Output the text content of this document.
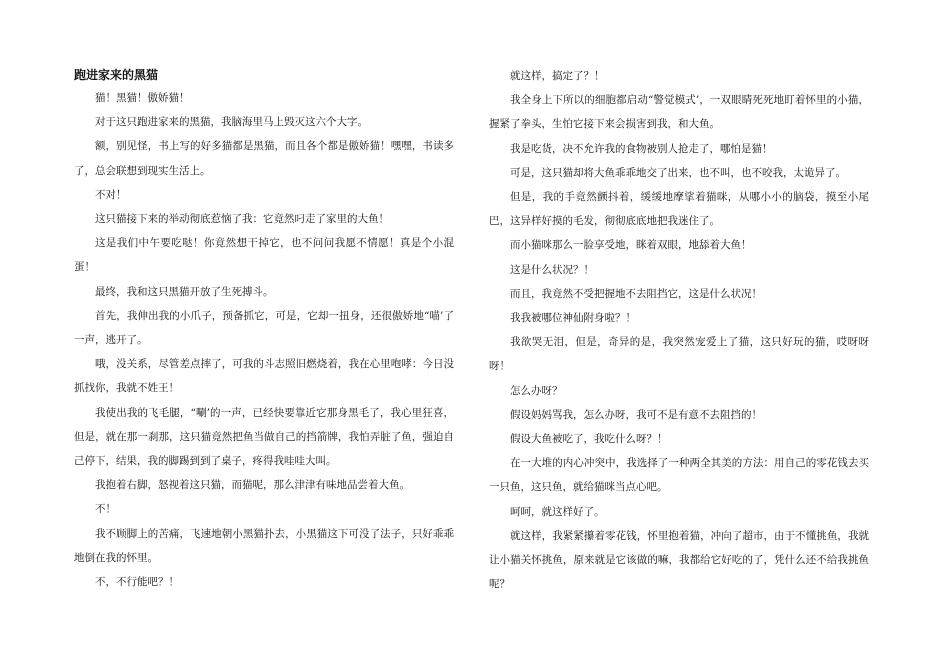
跑进家来的黑猫

猫！黑猫！傲娇猫！

对于这只跑进家来的黑猫，我脑海里马上毁灭这六个大字。

额，别见怪，书上写的好多猫都是黑猫，而且各个都是傲娇猫！嘿嘿，书读多了，总会联想到现实生活上。

不对！

这只猫接下来的举动彻底惹恼了我：它竟然叼走了家里的大鱼！

这是我们中午要吃哒！你竟然想干掉它，也不问问我愿不情愿！真是个小混蛋！

最终，我和这只黑猫开放了生死搏斗。

首先，我伸出我的小爪子，预备抓它，可是，它却一扭身，还很傲娇地“喵’了一声，逃开了。

哦，没关系，尽管差点摔了，可我的斗志照旧燃烧着，我在心里咆哮：今日没抓找你，我就不姓王！

我使出我的飞毛腿，“唰’的一声，已经快要靠近它那身黑毛了，我心里狂喜，但是，就在那一刹那，这只猫竟然把鱼当做自己的挡箭牌，我怕弄脏了鱼，强迫自己停下，结果，我的脚踢到到了桌子，疼得我哇哇大叫。

我抱着右脚，怒视着这只猫，而猫呢，那么津津有味地品尝着大鱼。

不！

我不顾脚上的苦痛，飞速地朝小黑猫扑去，小黑猫这下可没了法子，只好乖乖地倒在我的怀里。

不，不行能吧？！

就这样，搞定了？！

我全身上下所以的细胞都启动“警觉模式’，一双眼睛死死地盯着怀里的小猫，握紧了拳头，生怕它接下来会损害到我，和大鱼。

我是吃货，决不允许我的食物被别人抢走了，哪怕是猫！

可是，这只猫却将大鱼乖乖地交了出来，也不叫，也不咬我，太诡异了。

但是，我的手竟然颤抖着，缓缓地摩挲着猫咪，从哪小小的脑袋，摸至小尾巴，这异样好摸的毛发，彻彻底底地把我迷住了。

而小猫咪那么一脸享受地，眯着双眼，地舔着大鱼！

这是什么状况？！

而且，我竟然不受把握地不去阻挡它，这是什么状况！

我我被哪位神仙附身啦？！

我欲哭无泪，但是，奇异的是，我突然宠爱上了猫，这只好玩的猫，哎呀呀呀！

怎么办呀？

假设妈妈骂我，怎么办呀，我可不是有意不去阻挡的！

假设大鱼被吃了，我吃什么呀？！

在一大堆的内心冲突中，我选择了一种两全其美的方法：用自己的零花钱去买一只鱼，这只鱼，就给猫咪当点心吧。

呵呵，就这样好了。

就这样，我紧紧攥着零花钱，怀里抱着猫，冲向了超市，由于不懂挑鱼，我就让小猫关怀挑鱼，原来就是它该做的嘛，我都给它好吃的了，凭什么还不给我挑鱼呢？
